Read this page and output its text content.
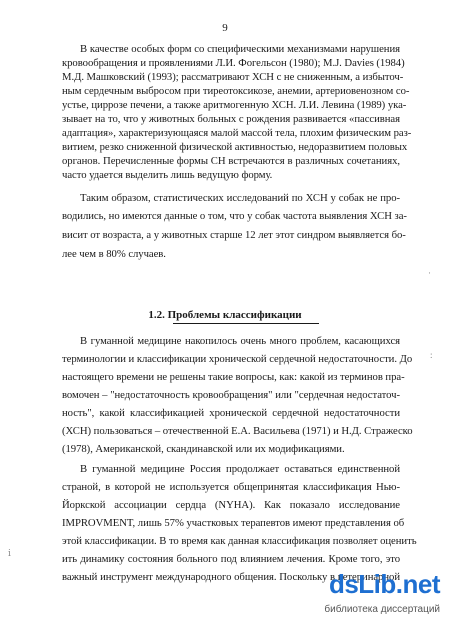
9
В качестве особых форм со специфическими механизмами нарушения
кровообращения и проявлениями Л.И. Фогельсон (1980); M.J. Davies (1984)
М.Д. Машковский (1993); рассматривают ХСН с не сниженным, а избыточ-
ным сердечным выбросом при тиреотоксикозе, анемии, артериовенозном со-
устье, циррозе печени, а также аритмогенную ХСН. Л.И. Левина (1989) ука-
зывает на то, что у животных больных с рождения развивается «пассивная
адаптация», характеризующаяся малой массой тела, плохим физическим раз-
витием, резко сниженной физической активностью, недоразвитием половых
органов. Перечисленные формы СН встречаются в различных сочетаниях,
часто удается выделить лишь ведущую форму.
Таким образом, статистических исследований по ХСН у собак не про-
водились, но имеются данные о том, что у собак частота выявления ХСН за-
висит от возраста, а у животных старше 12 лет этот синдром выявляется бо-
лее чем в 80% случаев.
1.2. Проблемы классификации
В гуманной медицине накопилось очень много проблем, касающихся
терминологии и классификации хронической сердечной недостаточности. До
настоящего времени не решены такие вопросы, как: какой из терминов пра-
вомочен – "недостаточность кровообращения" или "сердечная недостаточ-
ность", какой классификацией хронической сердечной недостаточности
(ХСН) пользоваться – отечественной Е.А. Васильева (1971) и Н.Д. Стражеско
(1978), Американской, скандинавской или их модификациями.
В гуманной медицине Россия продолжает оставаться единственной
страной, в которой не используется общепринятая классификация Нью-
Йоркской ассоциации сердца (NYHA). Как показало исследование
IMPROVMENT, лишь 57% участковых терапевтов имеют представления об
этой классификации. В то время как данная классификация позволяет оценить
ить динамику состояния больного под влиянием лечения. Кроме того, это
важный инструмент международного общения. Поскольку в ветеринарной
·
:
ⅰ
dsLib.net
библиотека диссертаций
